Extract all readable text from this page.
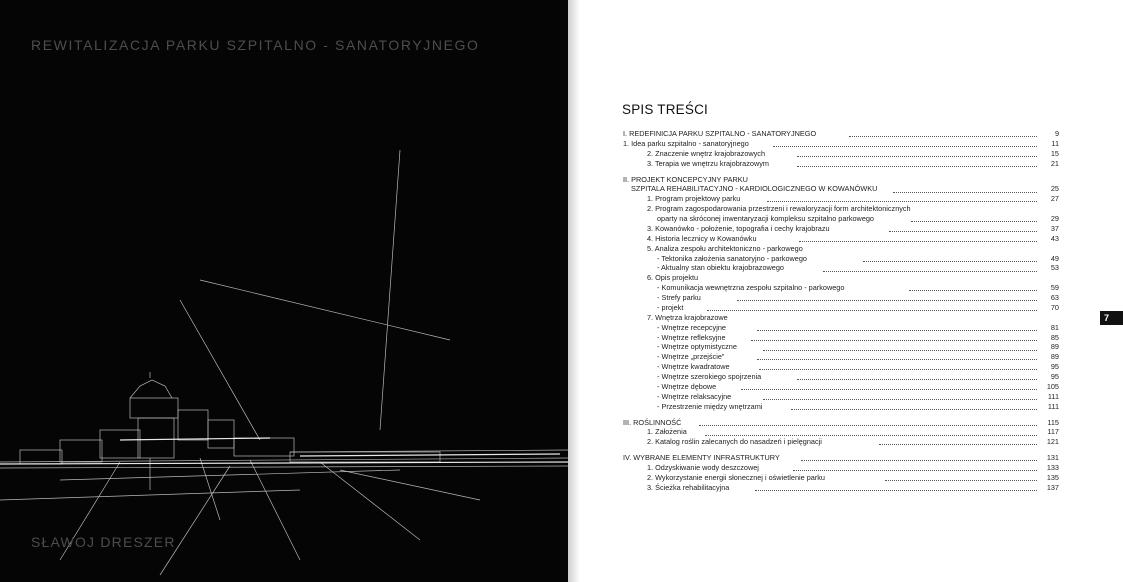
REWITALIZACJA PARKU SZPITALNO - SANATORYJNEGO
SŁAWOJ DRESZER
SPIS TREŚCI
I. REDEFINICJA PARKU SZPITALNO - SANATORYJNEGO	9
1. Idea parku szpitalno - sanatoryjnego	11
2. Znaczenie wnętrz krajobrazowych	15
3. Terapia we wnętrzu krajobrazowym	21
II. PROJEKT KONCEPCYJNY PARKU
SZPITALA REHABILITACYJNO - KARDIOLOGICZNEGO W KOWANÓWKU	25
1. Program projektowy parku	27
2. Program zagospodarowania przestrzeni i rewaloryzacji form architektonicznych
oparty na skróconej inwentaryzacji kompleksu szpitalno parkowego	29
3. Kowanówko - położenie, topografia i cechy krajobrazu	37
4. Historia lecznicy w Kowanówku	43
5. Analiza zespołu architektoniczno - parkowego
- Tektonika założenia sanatoryjno - parkowego	49
- Aktualny stan obiektu krajobrazowego	53
6. Opis projektu
- Komunikacja wewnętrzna zespołu szpitalno - parkowego	59
- Strefy parku	63
- projekt	70
7. Wnętrza krajobrazowe
- Wnętrze recepcyjne	81
- Wnętrze refleksyjne	85
- Wnętrze optymistyczne	89
- Wnętrze „przejście”	89
- Wnętrze kwadratowe	95
- Wnętrze szerokiego spojrzenia	95
- Wnętrze dębowe	105
- Wnętrze relaksacyjne	111
- Przestrzenie między wnętrzami	111
III. ROŚLINNOŚĆ	115
1. Założenia	117
2. Katalog roślin zalecanych do nasadzeń i pielęgnacji	121
IV. WYBRANE ELEMENTY INFRASTRUKTURY	131
1. Odzyskiwanie wody deszczowej	133
2. Wykorzystanie energii słonecznej i oświetlenie parku	135
3. Ścieżka rehabilitacyjna	137
7
